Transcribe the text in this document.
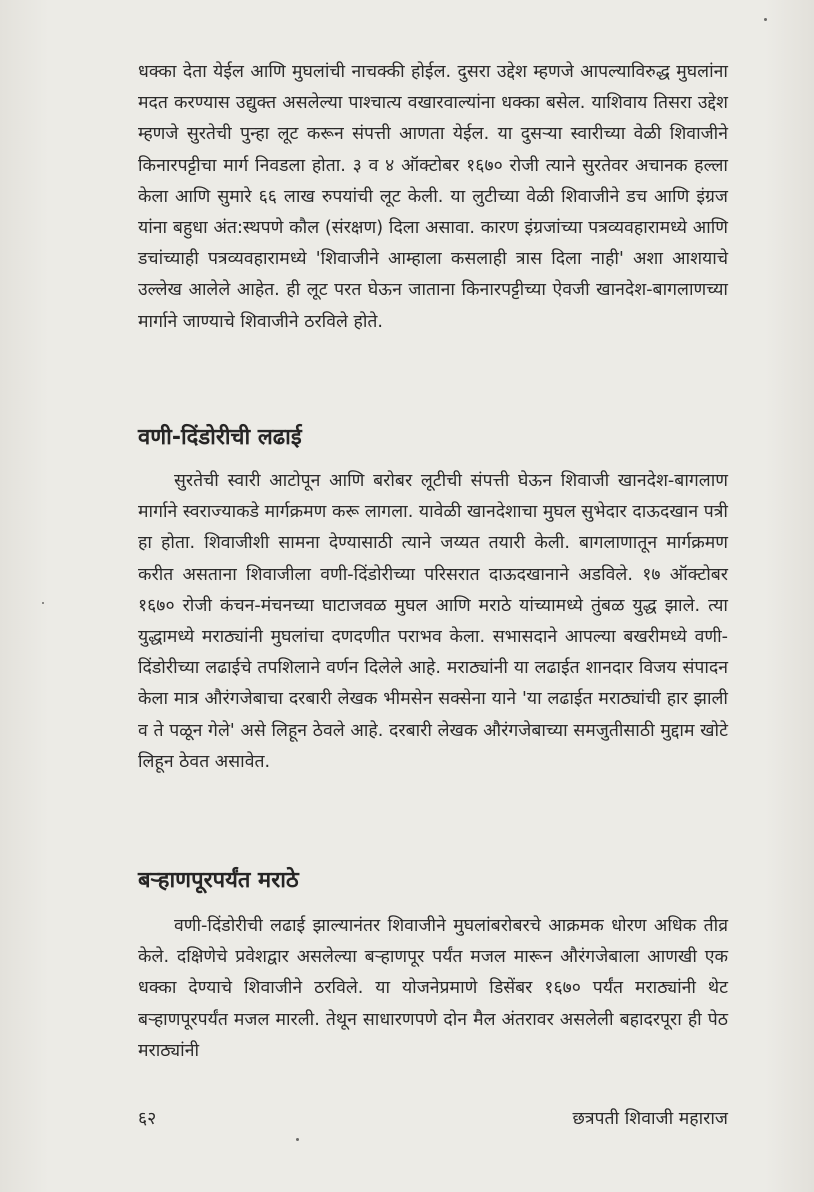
धक्का देता येईल आणि मुघलांची नाचक्की होईल. दुसरा उद्देश म्हणजे आपल्याविरुद्ध मुघलांना मदत करण्यास उद्युक्त असलेल्या पाश्चात्य वखारवाल्यांना धक्का बसेल. याशिवाय तिसरा उद्देश म्हणजे सुरतेची पुन्हा लूट करून संपत्ती आणता येईल. या दुसऱ्या स्वारीच्या वेळी शिवाजीने किनारपट्टीचा मार्ग निवडला होता. ३ व ४ ऑक्टोबर १६७० रोजी त्याने सुरतेवर अचानक हल्ला केला आणि सुमारे ६६ लाख रुपयांची लूट केली. या लुटीच्या वेळी शिवाजीने डच आणि इंग्रज यांना बहुधा अंत:स्थपणे कौल (संरक्षण) दिला असावा. कारण इंग्रजांच्या पत्रव्यवहारामध्ये आणि डचांच्याही पत्रव्यवहारामध्ये 'शिवाजीने आम्हाला कसलाही त्रास दिला नाही' अशा आशयाचे उल्लेख आलेले आहेत. ही लूट परत घेऊन जाताना किनारपट्टीच्या ऐवजी खानदेश-बागलाणच्या मार्गाने जाण्याचे शिवाजीने ठरविले होते.

वणी-दिंडोरीची लढाई

सुरतेची स्वारी आटोपून आणि बरोबर लूटीची संपत्ती घेऊन शिवाजी खानदेश-बागलाण मार्गाने स्वराज्याकडे मार्गक्रमण करू लागला. यावेळी खानदेशाचा मुघल सुभेदार दाऊदखान पत्री हा होता. शिवाजीशी सामना देण्यासाठी त्याने जय्यत तयारी केली. बागलाणातून मार्गक्रमण करीत असताना शिवाजीला वणी-दिंडोरीच्या परिसरात दाऊदखानाने अडविले. १७ ऑक्टोबर १६७० रोजी कंचन-मंचनच्या घाटाजवळ मुघल आणि मराठे यांच्यामध्ये तुंबळ युद्ध झाले. त्या युद्धामध्ये मराठ्यांनी मुघलांचा दणदणीत पराभव केला. सभासदाने आपल्या बखरीमध्ये वणी-दिंडोरीच्या लढाईचे तपशिलाने वर्णन दिलेले आहे. मराठ्यांनी या लढाईत शानदार विजय संपादन केला मात्र औरंगजेबाचा दरबारी लेखक भीमसेन सक्सेना याने 'या लढाईत मराठ्यांची हार झाली व ते पळून गेले' असे लिहून ठेवले आहे. दरबारी लेखक औरंगजेबाच्या समजुतीसाठी मुद्दाम खोटे लिहून ठेवत असावेत.

बऱ्हाणपूरपर्यंत मराठे

वणी-दिंडोरीची लढाई झाल्यानंतर शिवाजीने मुघलांबरोबरचे आक्रमक धोरण अधिक तीव्र केले. दक्षिणेचे प्रवेशद्वार असलेल्या बऱ्हाणपूर पर्यंत मजल मारून औरंगजेबाला आणखी एक धक्का देण्याचे शिवाजीने ठरविले. या योजनेप्रमाणे डिसेंबर १६७० पर्यंत मराठ्यांनी थेट बऱ्हाणपूरपर्यंत मजल मारली. तेथून साधारणपणे दोन मैल अंतरावर असलेली बहादरपूरा ही पेठ मराठ्यांनी

६२	छत्रपती शिवाजी महाराज
